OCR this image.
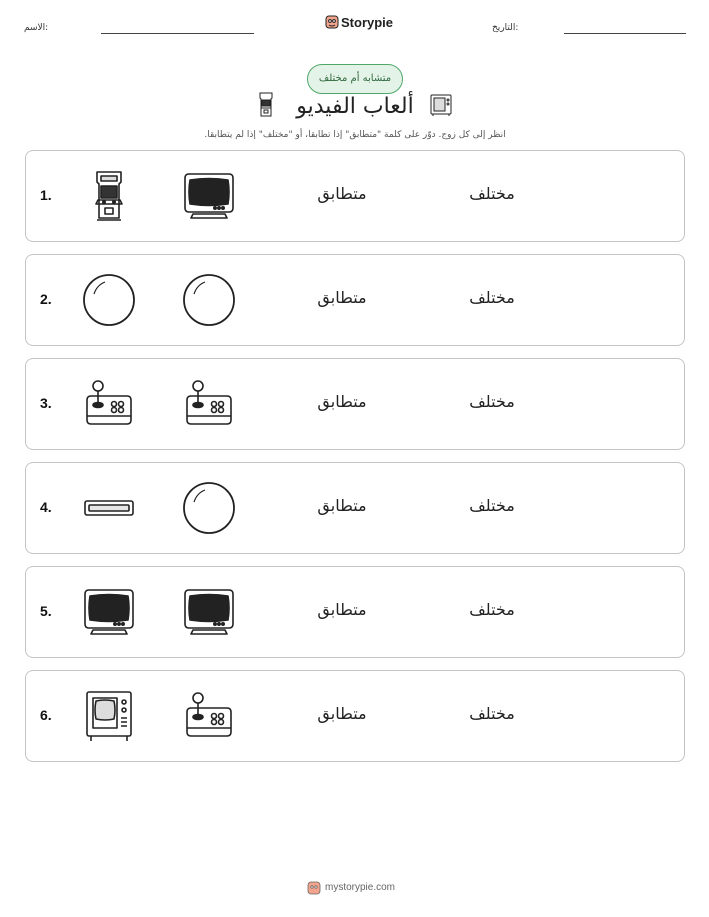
الاسم:	Storypie	التاريخ:
متشابه أم مختلف
ألعاب الفيديو
انظر إلى كل زوج. دوّر على كلمة "متطابق" إذا تطابقا، أو "مختلف" إذا لم يتطابقا.
1.	متطابق	مختلف
2.	متطابق	مختلف
3.	متطابق	مختلف
4.	متطابق	مختلف
5.	متطابق	مختلف
6.	متطابق	مختلف
mystorypie.com
